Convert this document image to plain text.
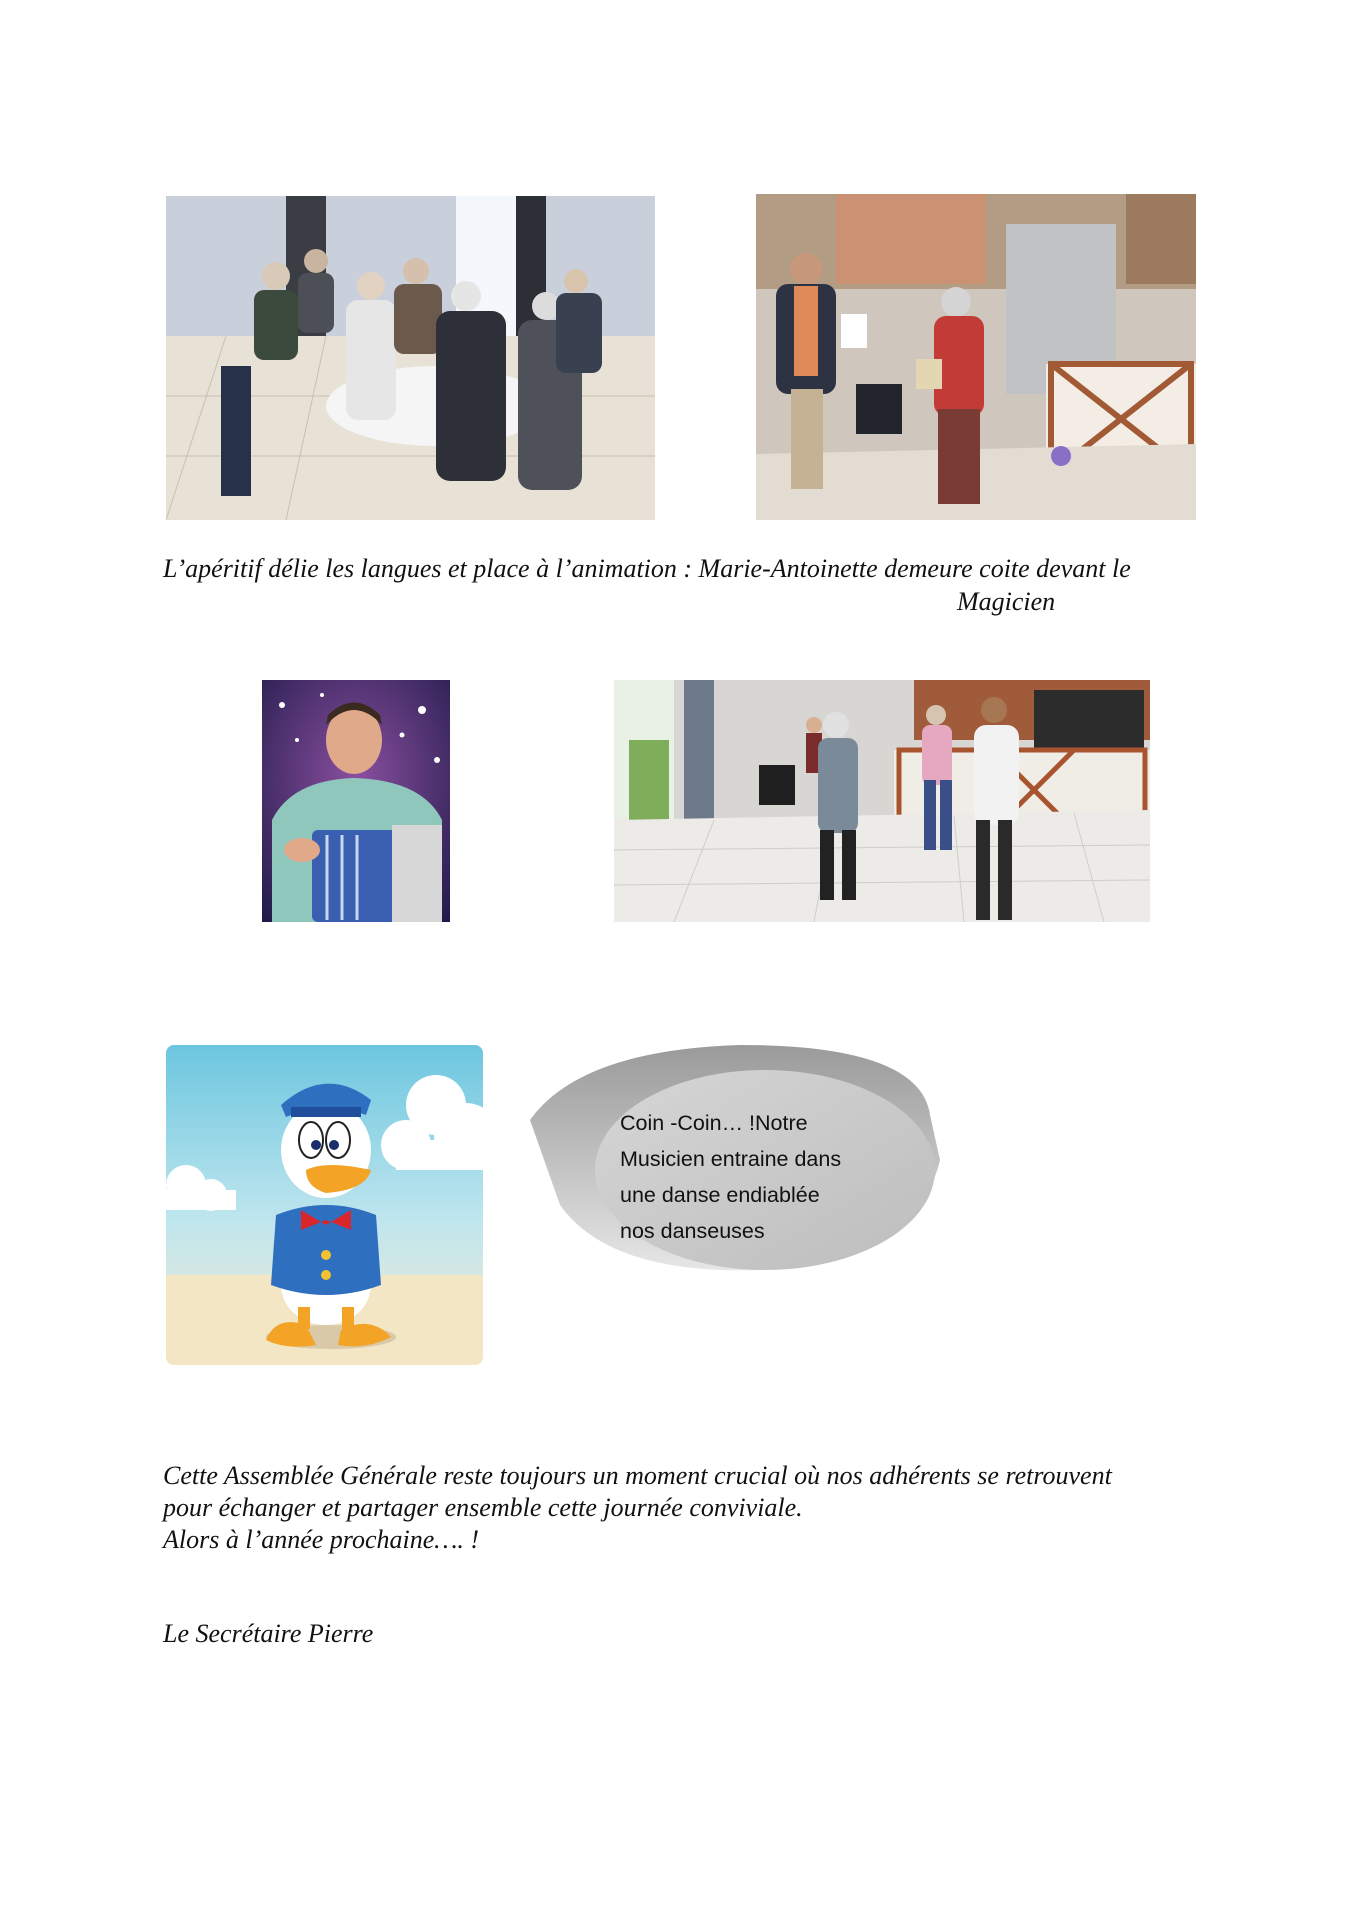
L’apéritif délie les langues et place à l’animation : Marie-Antoinette demeure coite devant le
Magicien
Coin -Coin… !Notre
Musicien entraine dans
une danse endiablée
nos danseuses
Cette Assemblée Générale reste toujours un moment crucial où nos adhérents se retrouvent
pour échanger et partager ensemble cette journée conviviale.
Alors à l’année prochaine…. !
Le Secrétaire Pierre
